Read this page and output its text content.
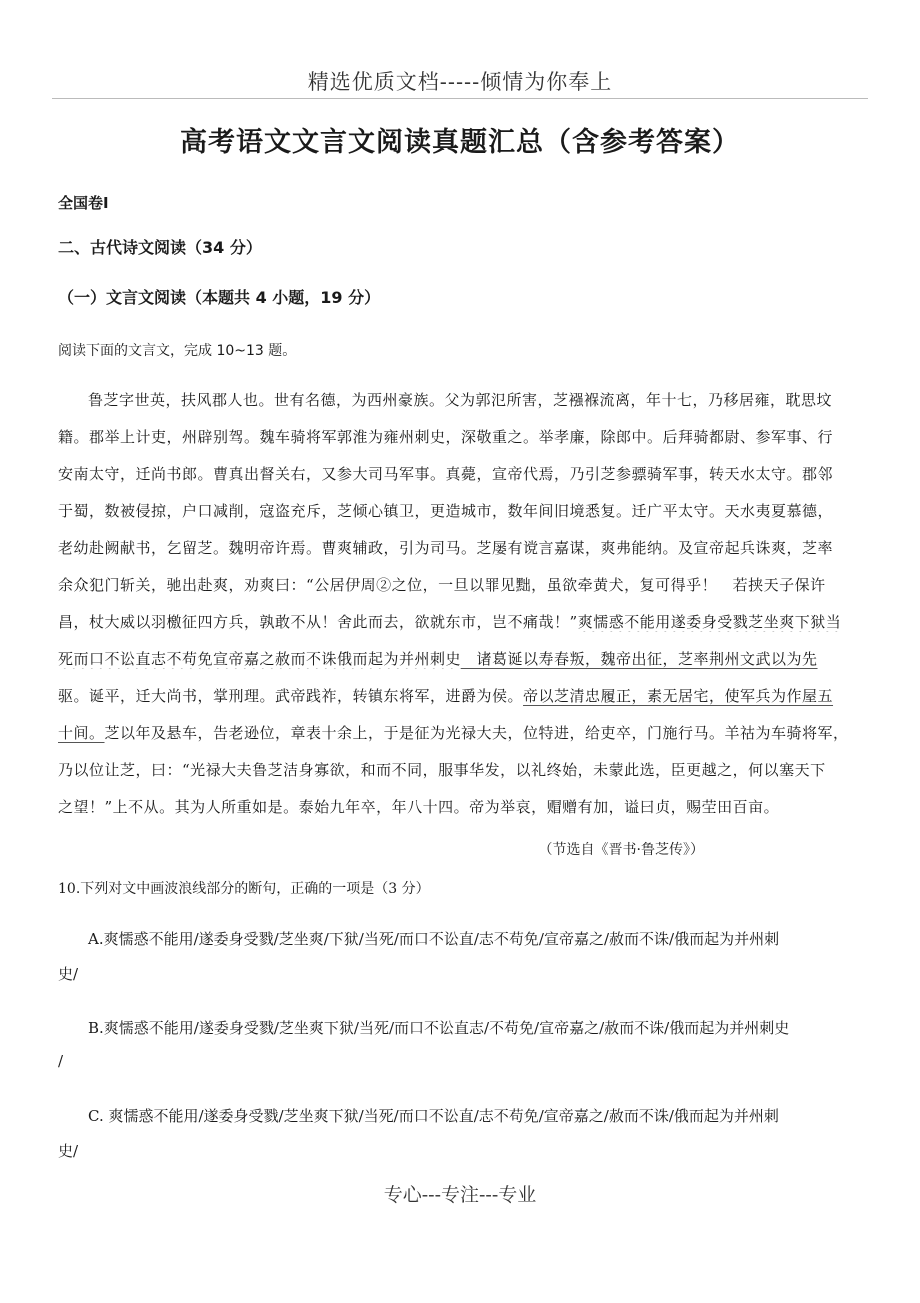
精选优质文档-----倾情为你奉上
高考语文文言文阅读真题汇总（含参考答案）
全国卷Ⅰ
二、古代诗文阅读（34 分）
（一）文言文阅读（本题共 4 小题，19 分）
阅读下面的文言文，完成 10~13 题。
鲁芝字世英，扶风郡人也。世有名德，为西州豪族。父为郭氾所害，芝襁褓流离，年十七，乃移居雍，耽思坟
籍。郡举上计吏，州辟别驾。魏车骑将军郭淮为雍州刺史，深敬重之。举孝廉，除郎中。后拜骑都尉、参军事、行
安南太守，迁尚书郎。曹真出督关右，又参大司马军事。真薨，宣帝代焉，乃引芝参骠骑军事，转天水太守。郡邻
于蜀，数被侵掠，户口减削，寇盗充斥，芝倾心镇卫，更造城市，数年间旧境悉复。迁广平太守。天水夷夏慕德，
老幼赴阙献书，乞留芝。魏明帝许焉。曹爽辅政，引为司马。芝屡有谠言嘉谋，爽弗能纳。及宣帝起兵诛爽，芝率
余众犯门斩关，驰出赴爽，劝爽曰：“公居伊周②之位，一旦以罪见黜，虽欲牵黄犬，复可得乎！　若挟天子保许
昌，杖大威以羽檄征四方兵，孰敢不从！舍此而去，欲就东市，岂不痛哉！”爽懦惑不能用遂委身受戮芝坐爽下狱当
死而口不讼直志不苟免宣帝嘉之赦而不诛俄而起为并州刺史　诸葛诞以寿春叛，魏帝出征，芝率荆州文武以为先
驱。诞平，迁大尚书，掌刑理。武帝践祚，转镇东将军，进爵为侯。帝以芝清忠履正，素无居宅，使军兵为作屋五
十间。芝以年及悬车，告老逊位，章表十余上，于是征为光禄大夫，位特进，给吏卒，门施行马。羊祜为车骑将军，
乃以位让芝，曰：“光禄大夫鲁芝洁身寡欲，和而不同，服事华发，以礼终始，未蒙此选，臣更越之，何以塞天下
之望！”上不从。其为人所重如是。泰始九年卒，年八十四。帝为举哀，赗赠有加，谥曰贞，赐茔田百亩。
（节选自《晋书·鲁芝传》）
10.下列对文中画波浪线部分的断句，正确的一项是（3 分）
A.爽懦惑不能用/遂委身受戮/芝坐爽/下狱/当死/而口不讼直/志不苟免/宣帝嘉之/赦而不诛/俄而起为并州刺
史/
B.爽懦惑不能用/遂委身受戮/芝坐爽下狱/当死/而口不讼直志/不苟免/宣帝嘉之/赦而不诛/俄而起为并州刺史
/
C. 爽懦惑不能用/遂委身受戮/芝坐爽下狱/当死/而口不讼直/志不苟免/宣帝嘉之/赦而不诛/俄而起为并州刺
史/
专心---专注---专业
